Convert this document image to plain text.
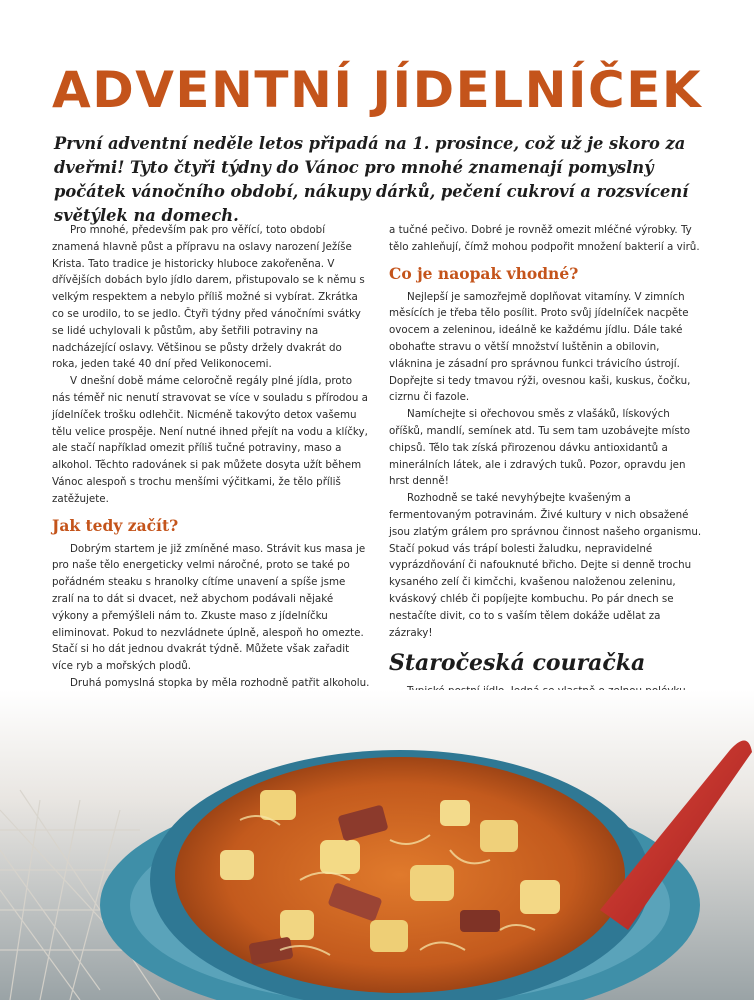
ADVENTNÍ JÍDELNÍČEK

První adventní neděle letos připadá na 1. prosince, což už je skoro za dveřmi! Tyto čtyři týdny do Vánoc pro mnohé znamenají pomyslný počátek vánočního období, nákupy dárků, pečení cukroví a rozsvícení světýlek na domech.

Pro mnohé, především pak pro věřící, toto období znamená hlavně půst a přípravu na oslavy narození Ježíše Krista. Tato tradice je historicky hluboce zakořeněna. V dřívějších dobách bylo jídlo darem, přistupovalo se k němu s velkým respektem a nebylo příliš možné si vybírat. Zkrátka co se urodilo, to se jedlo. Čtyři týdny před vánočními svátky se lidé uchylovali k půstům, aby šetřili potraviny na nadcházející oslavy. Většinou se půsty držely dvakrát do roka, jeden také 40 dní před Velikonocemi.

V dnešní době máme celoročně regály plné jídla, proto nás téměř nic nenutí stravovat se více v souladu s přírodou a jídelníček trošku odlehčit. Nicméně takovýto detox vašemu tělu velice prospěje. Není nutné ihned přejít na vodu a klíčky, ale stačí například omezit příliš tučné potraviny, maso a alkohol. Těchto radovánek si pak můžete dosyta užít během Vánoc alespoň s trochu menšími výčitkami, že tělo příliš zatěžujete.

Jak tedy začít?

Dobrým startem je již zmíněné maso. Strávit kus masa je pro naše tělo energeticky velmi náročné, proto se také po pořádném steaku s hranolky cítíme unavení a spíše jsme zralí na to dát si dvacet, než abychom podávali nějaké výkony a přemýšleli nám to. Zkuste maso z jídelníčku eliminovat. Pokud to nezvládnete úplně, alespoň ho omezte. Stačí si ho dát jednou dvakrát týdně. Můžete však zařadit více ryb a mořských plodů.

Druhá pomyslná stopka by měla rozhodně patřit alkoholu.

a tučné pečivo. Dobré je rovněž omezit mléčné výrobky. Ty tělo zahleňují, čímž mohou podpořit množení bakterií a virů.

Co je naopak vhodné?

Nejlepší je samozřejmě doplňovat vitamíny. V zimních měsících je třeba tělo posílit. Proto svůj jídelníček nacpěte ovocem a zeleninou, ideálně ke každému jídlu. Dále také obohaťte stravu o větší množství luštěnin a obilovin, vláknina je zásadní pro správnou funkci trávicího ústrojí. Dopřejte si tedy tmavou rýži, ovesnou kaši, kuskus, čočku, cizrnu či fazole.

Namíchejte si ořechovou směs z vlašáků, lískových oříšků, mandlí, semínek atd. Tu sem tam uzobávejte místo chipsů. Tělo tak získá přirozenou dávku antioxidantů a minerálních látek, ale i zdravých tuků. Pozor, opravdu jen hrst denně!

Rozhodně se také nevyhýbejte kvašeným a fermentovaným potravinám. Živé kultury v nich obsažené jsou zlatým grálem pro správnou činnost našeho organismu. Stačí pokud vás trápí bolesti žaludku, nepravidelné vyprázdňování či nafouknuté břicho. Dejte si denně trochu kysaného zelí či kimčchi, kvašenou naloženou zeleninu, kváskový chléb či popíjejte kombuchu. Po pár dnech se nestačíte divit, co to s vaším tělem dokáže udělat za zázraky!

Staročeská couračka
